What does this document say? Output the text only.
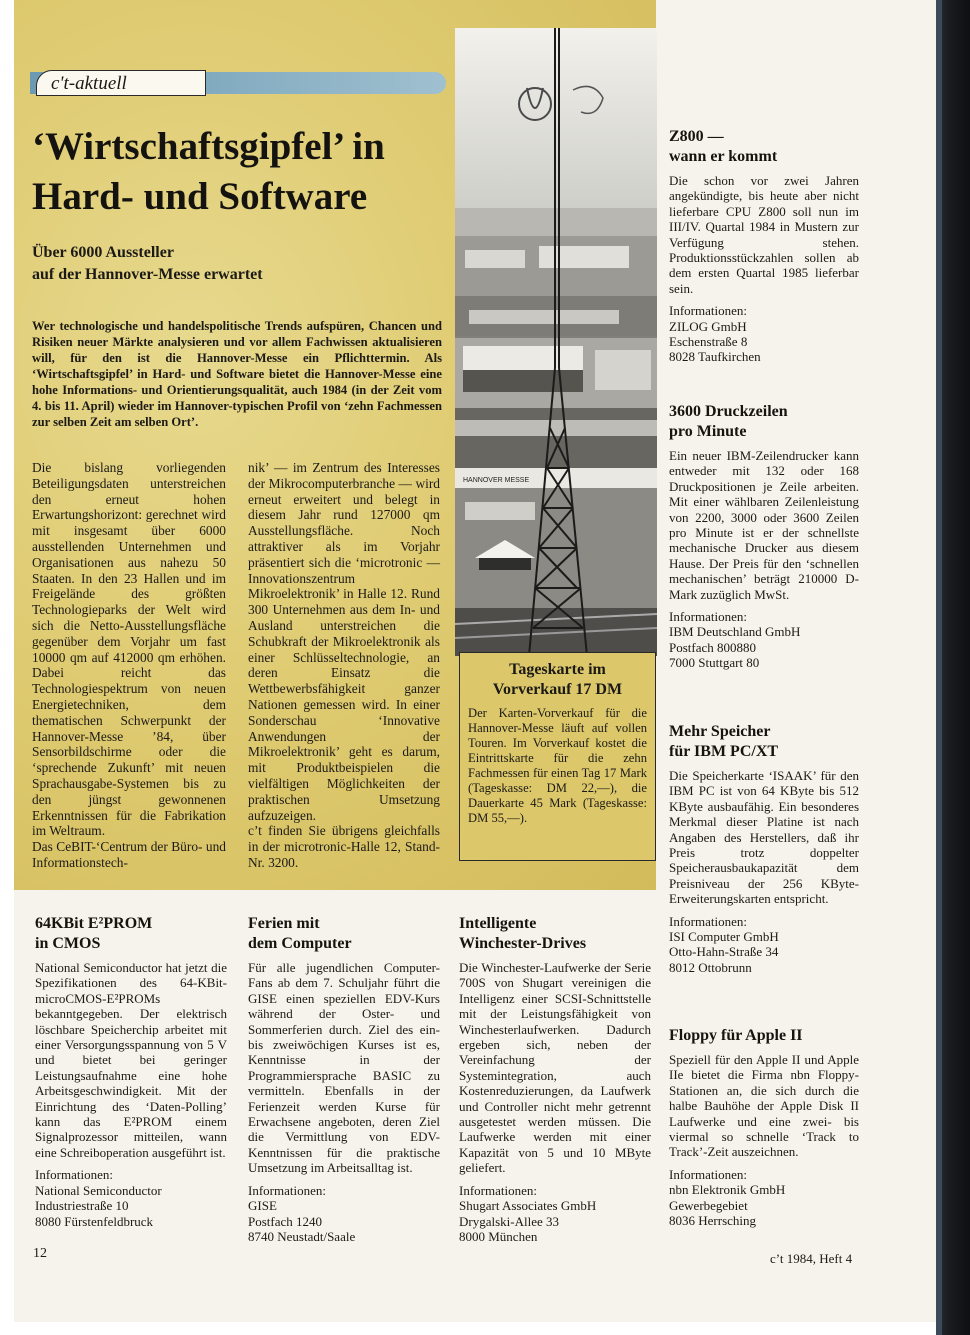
HANNOVER MESSE
c't-aktuell
‘Wirtschaftsgipfel’ in
Hard- und Software
Über 6000 Aussteller
auf der Hannover-Messe erwartet

Wer technologische und handelspolitische Trends aufspüren, Chancen und Risiken neuer Märkte analysieren und vor allem Fachwissen aktualisieren will, für den ist die Hannover-Messe ein Pflichttermin. Als ‘Wirtschaftsgipfel’ in Hard- und Software bietet die Hannover-Messe eine hohe Informations- und Orientierungsqualität, auch 1984 (in der Zeit vom 4. bis 11. April) wieder im Hannover-typischen Profil von ‘zehn Fachmessen zur selben Zeit am selben Ort’.

Die bislang vorliegenden Beteiligungsdaten unterstreichen den erneut hohen Erwartungshorizont: gerechnet wird mit insgesamt über 6000 ausstellenden Unternehmen und Organisationen aus nahezu 50 Staaten. In den 23 Hallen und im Freigelände des größten Technologieparks der Welt wird sich die Netto-Ausstellungsfläche gegenüber dem Vorjahr um fast 10000 qm auf 412000 qm erhöhen. Dabei reicht das Technologiespektrum von neuen Energietechniken, dem thematischen Schwerpunkt der Hannover-Messe ’84, über Sensorbildschirme oder die ‘sprechende Zukunft’ mit neuen Sprachausgabe-Systemen bis zu den jüngst gewonnenen Erkenntnissen für die Fabrikation im Weltraum.

Das CeBIT-‘Centrum der Büro- und Informationstech-

nik’ — im Zentrum des Interesses der Mikrocomputerbranche — wird erneut erweitert und belegt in diesem Jahr rund 127000 qm Ausstellungsfläche. Noch attraktiver als im Vorjahr präsentiert sich die ‘microtronic — Innovationszentrum Mikroelektronik’ in Halle 12. Rund 300 Unternehmen aus dem In- und Ausland unterstreichen die Schubkraft der Mikroelektronik als einer Schlüsseltechnologie, an deren Einsatz die Wettbewerbsfähigkeit ganzer Nationen gemessen wird. In einer Sonderschau ‘Innovative Anwendungen der Mikroelektronik’ geht es darum, mit Produktbeispielen die vielfältigen Möglichkeiten der praktischen Umsetzung aufzuzeigen.

c’t finden Sie übrigens gleichfalls in der microtronic-Halle 12, Stand-Nr. 3200.

Tageskarte im
Vorverkauf 17 DM

Der Karten-Vorverkauf für die Hannover-Messe läuft auf vollen Touren. Im Vorverkauf kostet die Eintrittskarte für die zehn Fachmessen für einen Tag 17 Mark (Tageskasse: DM 22,—), die Dauerkarte 45 Mark (Tageskasse: DM 55,—).

Z800 —
wann er kommt

Die schon vor zwei Jahren angekündigte, bis heute aber nicht lieferbare CPU Z800 soll nun im III/IV. Quartal 1984 in Mustern zur Verfügung stehen. Produktionsstückzahlen sollen ab dem ersten Quartal 1985 lieferbar sein.

Informationen:
ZILOG GmbH
Eschenstraße 8
8028 Taufkirchen

3600 Druckzeilen
pro Minute

Ein neuer IBM-Zeilendrucker kann entweder mit 132 oder 168 Druckpositionen je Zeile arbeiten. Mit einer wählbaren Zeilenleistung von 2200, 3000 oder 3600 Zeilen pro Minute ist er der schnellste mechanische Drucker aus diesem Hause. Der Preis für den ‘schnellen mechanischen’ beträgt 210000 D-Mark zuzüglich MwSt.

Informationen:
IBM Deutschland GmbH
Postfach 800880
7000 Stuttgart 80

Mehr Speicher
für IBM PC/XT

Die Speicherkarte ‘ISAAK’ für den IBM PC ist von 64 KByte bis 512 KByte ausbaufähig. Ein besonderes Merkmal dieser Platine ist nach Angaben des Herstellers, daß ihr Preis trotz doppelter Speicherausbaukapazität dem Preisniveau der 256 KByte-Erweiterungskarten entspricht.

Informationen:
ISI Computer GmbH
Otto-Hahn-Straße 34
8012 Ottobrunn

Floppy für Apple II

Speziell für den Apple II und Apple IIe bietet die Firma nbn Floppy-Stationen an, die sich durch die halbe Bauhöhe der Apple Disk II Laufwerke und eine zwei- bis viermal so schnelle ‘Track to Track’-Zeit auszeichnen.

Informationen:
nbn Elektronik GmbH
Gewerbegebiet
8036 Herrsching

64KBit E²PROM
in CMOS

National Semiconductor hat jetzt die Spezifikationen des 64-KBit-microCMOS-E²PROMs bekanntgegeben. Der elektrisch löschbare Speicherchip arbeitet mit einer Versorgungsspannung von 5 V und bietet bei geringer Leistungsaufnahme eine hohe Arbeitsgeschwindigkeit. Mit der Einrichtung des ‘Daten-Polling’ kann das E²PROM einem Signalprozessor mitteilen, wann eine Schreiboperation ausgeführt ist.

Informationen:
National Semiconductor
Industriestraße 10
8080 Fürstenfeldbruck

Ferien mit
dem Computer

Für alle jugendlichen Computer-Fans ab dem 7. Schuljahr führt die GISE einen speziellen EDV-Kurs während der Oster- und Sommerferien durch. Ziel des ein- bis zweiwöchigen Kurses ist es, Kenntnisse in der Programmiersprache BASIC zu vermitteln. Ebenfalls in der Ferienzeit werden Kurse für Erwachsene angeboten, deren Ziel die Vermittlung von EDV-Kenntnissen für die praktische Umsetzung im Arbeitsalltag ist.

Informationen:
GISE
Postfach 1240
8740 Neustadt/Saale

Intelligente
Winchester-Drives

Die Winchester-Laufwerke der Serie 700S von Shugart vereinigen die Intelligenz einer SCSI-Schnittstelle mit der Leistungsfähigkeit von Winchesterlaufwerken. Dadurch ergeben sich, neben der Vereinfachung der Systemintegration, auch Kostenreduzierungen, da Laufwerk und Controller nicht mehr getrennt ausgetestet werden müssen. Die Laufwerke werden mit einer Kapazität von 5 und 10 MByte geliefert.

Informationen:
Shugart Associates GmbH
Drygalski-Allee 33
8000 München

12	c’t 1984, Heft 4
